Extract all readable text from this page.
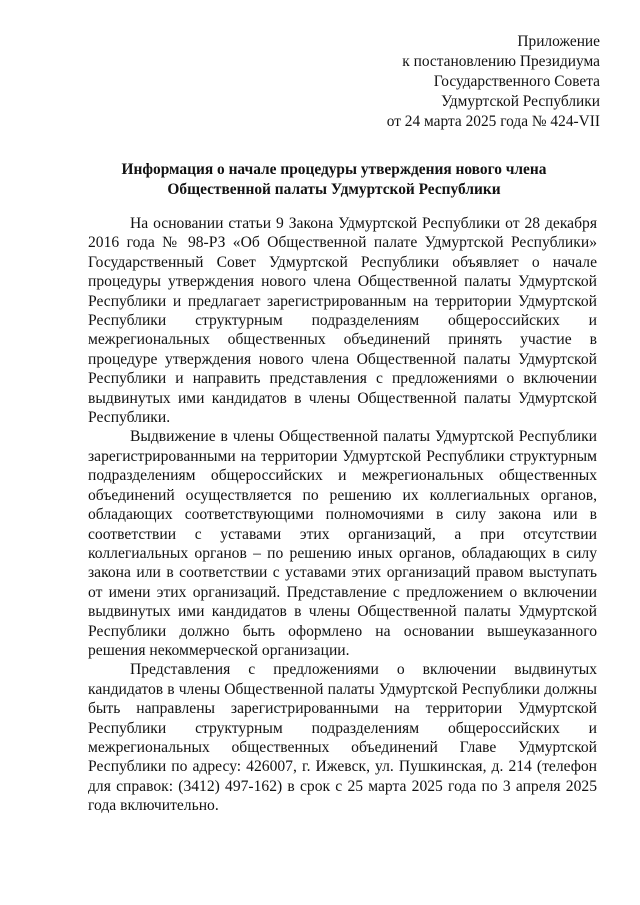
Приложение
к постановлению Президиума
Государственного Совета
Удмуртской Республики
от 24 марта 2025 года № 424-VII
Информация о начале процедуры утверждения нового члена
Общественной палаты Удмуртской Республики

На основании статьи 9 Закона Удмуртской Республики от 28 декабря 2016 года № 98-РЗ «Об Общественной палате Удмуртской Республики» Государственный Совет Удмуртской Республики объявляет о начале процедуры утверждения нового члена Общественной палаты Удмуртской Республики и предлагает зарегистрированным на территории Удмуртской Республики структурным подразделениям общероссийских и межрегиональных общественных объединений принять участие в процедуре утверждения нового члена Общественной палаты Удмуртской Республики и направить представления с предложениями о включении выдвинутых ими кандидатов в члены Общественной палаты Удмуртской Республики.

Выдвижение в члены Общественной палаты Удмуртской Республики зарегистрированными на территории Удмуртской Республики структурным подразделениям общероссийских и межрегиональных общественных объединений осуществляется по решению их коллегиальных органов, обладающих соответствующими полномочиями в силу закона или в соответствии с уставами этих организаций, а при отсутствии коллегиальных органов – по решению иных органов, обладающих в силу закона или в соответствии с уставами этих организаций правом выступать от имени этих организаций. Представление с предложением о включении выдвинутых ими кандидатов в члены Общественной палаты Удмуртской Республики должно быть оформлено на основании вышеуказанного решения некоммерческой организации.

Представления с предложениями о включении выдвинутых кандидатов в члены Общественной палаты Удмуртской Республики должны быть направлены зарегистрированными на территории Удмуртской Республики структурным подразделениям общероссийских и межрегиональных общественных объединений Главе Удмуртской Республики по адресу: 426007, г. Ижевск, ул. Пушкинская, д. 214 (телефон для справок: (3412) 497-162) в срок с 25 марта 2025 года по 3 апреля 2025 года включительно.
